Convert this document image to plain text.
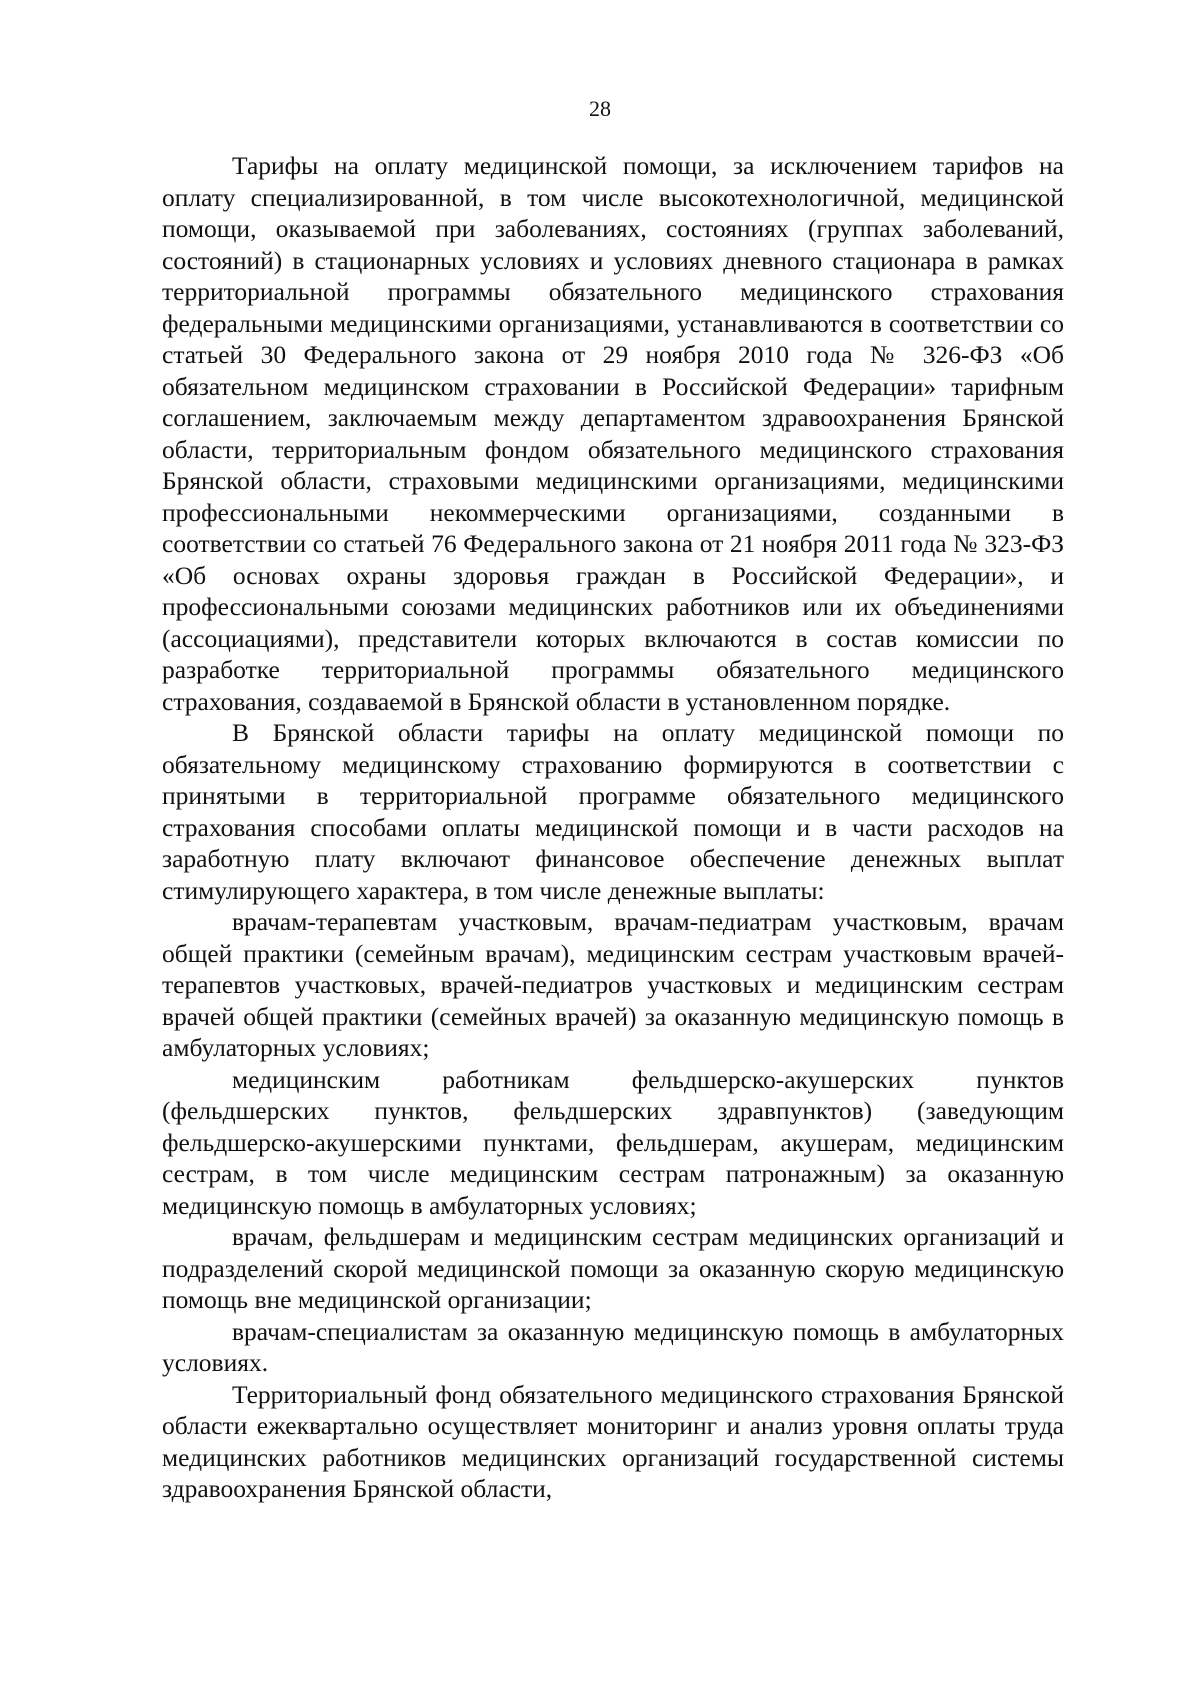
28

Тарифы на оплату медицинской помощи, за исключением тарифов на оплату специализированной, в том числе высокотехнологичной, медицинской помощи, оказываемой при заболеваниях, состояниях (группах заболеваний, состояний) в стационарных условиях и условиях дневного стационара в рамках территориальной программы обязательного медицинского страхования федеральными медицинскими организациями, устанавливаются в соответствии со статьей 30 Федерального закона от 29 ноября 2010 года № 326-ФЗ «Об обязательном медицинском страховании в Российской Федерации» тарифным соглашением, заключаемым между департаментом здравоохранения Брянской области, территориальным фондом обязательного медицинского страхования Брянской области, страховыми медицинскими организациями, медицинскими профессиональными некоммерческими организациями, созданными в соответствии со статьей 76 Федерального закона от 21 ноября 2011 года № 323-ФЗ «Об основах охраны здоровья граждан в Российской Федерации», и профессиональными союзами медицинских работников или их объединениями (ассоциациями), представители которых включаются в состав комиссии по разработке территориальной программы обязательного медицинского страхования, создаваемой в Брянской области в установленном порядке.

В Брянской области тарифы на оплату медицинской помощи по обязательному медицинскому страхованию формируются в соответствии с принятыми в территориальной программе обязательного медицинского страхования способами оплаты медицинской помощи и в части расходов на заработную плату включают финансовое обеспечение денежных выплат стимулирующего характера, в том числе денежные выплаты:

врачам-терапевтам участковым, врачам-педиатрам участковым, врачам общей практики (семейным врачам), медицинским сестрам участковым врачей-терапевтов участковых, врачей-педиатров участковых и медицинским сестрам врачей общей практики (семейных врачей) за оказанную медицинскую помощь в амбулаторных условиях;

медицинским работникам фельдшерско-акушерских пунктов (фельдшерских пунктов, фельдшерских здравпунктов) (заведующим фельдшерско-акушерскими пунктами, фельдшерам, акушерам, медицинским сестрам, в том числе медицинским сестрам патронажным) за оказанную медицинскую помощь в амбулаторных условиях;

врачам, фельдшерам и медицинским сестрам медицинских организаций и подразделений скорой медицинской помощи за оказанную скорую медицинскую помощь вне медицинской организации;

врачам-специалистам за оказанную медицинскую помощь в амбулаторных условиях.

Территориальный фонд обязательного медицинского страхования Брянской области ежеквартально осуществляет мониторинг и анализ уровня оплаты труда медицинских работников медицинских организаций государственной системы здравоохранения Брянской области,
